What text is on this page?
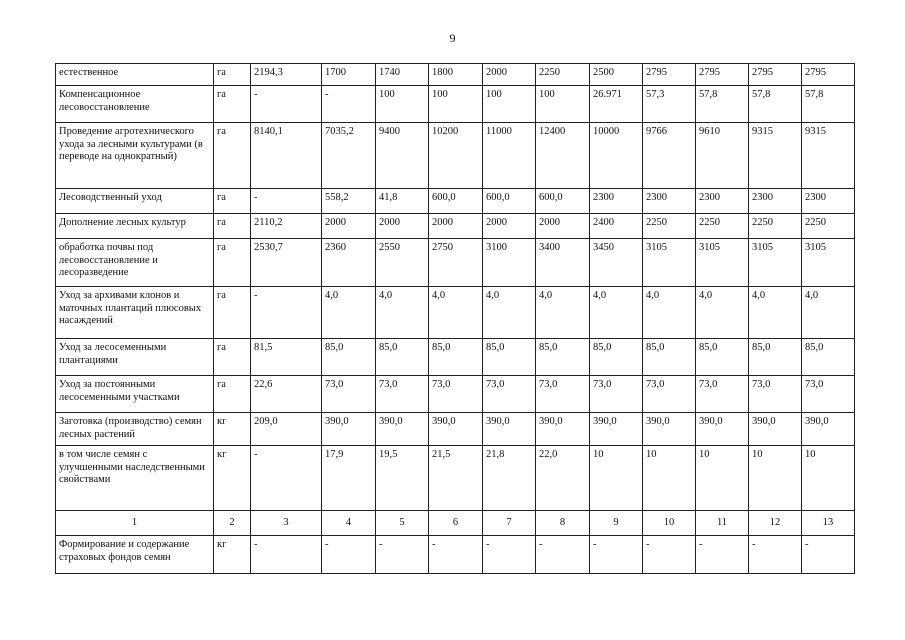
9
естественное	га	2194,3	1700	1740	1800	2000	2250	2500	2795	2795	2795	2795
Компенсационное лесовосстановление	га	-	-	100	100	100	100	26.971	57,3	57,8	57,8	57,8
Проведение агротехнического ухода за лесными культурами (в переводе на однократный)	га	8140,1	7035,2	9400	10200	11000	12400	10000	9766	9610	9315	9315
Лесоводственный уход	га	-	558,2	41,8	600,0	600,0	600,0	2300	2300	2300	2300	2300
Дополнение лесных культур	га	2110,2	2000	2000	2000	2000	2000	2400	2250	2250	2250	2250
обработка почвы под лесовосстановление и лесоразведение	га	2530,7	2360	2550	2750	3100	3400	3450	3105	3105	3105	3105
Уход за архивами клонов и маточных плантаций плюсовых насаждений	га	-	4,0	4,0	4,0	4,0	4,0	4,0	4,0	4,0	4,0	4,0
Уход за лесосеменными плантациями	га	81,5	85,0	85,0	85,0	85,0	85,0	85,0	85,0	85,0	85,0	85,0
Уход за постоянными лесосеменными участками	га	22,6	73,0	73,0	73,0	73,0	73,0	73,0	73,0	73,0	73,0	73,0
Заготовка (производство) семян лесных растений	кг	209,0	390,0	390,0	390,0	390,0	390,0	390,0	390,0	390,0	390,0	390,0
в том числе семян с улучшенными наследственными свойствами	кг	-	17,9	19,5	21,5	21,8	22,0	10	10	10	10	10
1	2	3	4	5	6	7	8	9	10	11	12	13
Формирование и содержание страховых фондов семян	кг	-	-	-	-	-	-	-	-	-	-	-
